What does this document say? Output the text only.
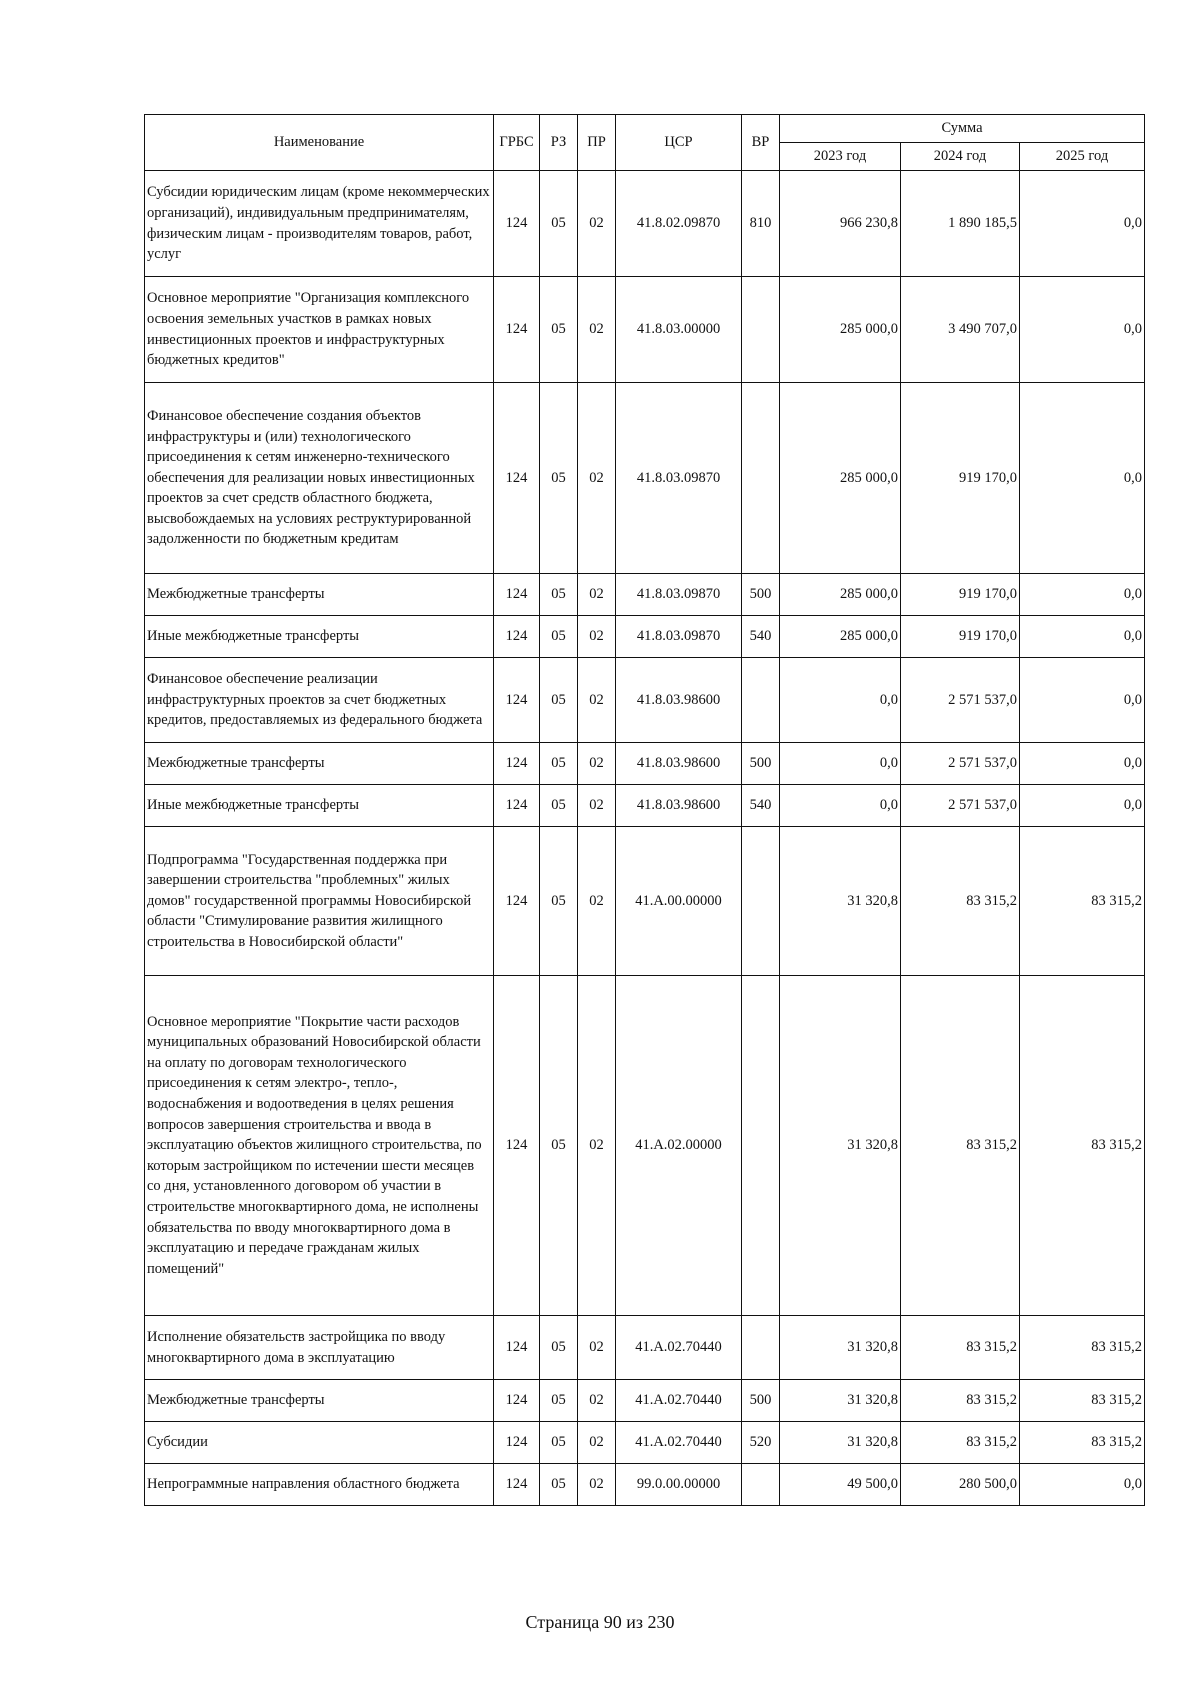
Наименование	ГРБС	РЗ	ПР	ЦСР	ВР	Сумма		
						2023 год	2024 год	2025 год
Субсидии юридическим лицам (кроме некоммерческих организаций), индивидуальным предпринимателям, физическим лицам - производителям товаров, работ, услуг	124	05	02	41.8.02.09870	810	966 230,8	1 890 185,5	0,0
Основное мероприятие "Организация комплексного освоения земельных участков в рамках новых инвестиционных проектов и инфраструктурных бюджетных кредитов"	124	05	02	41.8.03.00000		285 000,0	3 490 707,0	0,0
Финансовое обеспечение создания объектов инфраструктуры и (или) технологического присоединения к сетям инженерно-технического обеспечения для реализации новых инвестиционных проектов за счет средств областного бюджета, высвобождаемых на условиях реструктурированной задолженности по бюджетным кредитам	124	05	02	41.8.03.09870		285 000,0	919 170,0	0,0
Межбюджетные трансферты	124	05	02	41.8.03.09870	500	285 000,0	919 170,0	0,0
Иные межбюджетные трансферты	124	05	02	41.8.03.09870	540	285 000,0	919 170,0	0,0
Финансовое обеспечение реализации инфраструктурных проектов за счет бюджетных кредитов, предоставляемых из федерального бюджета	124	05	02	41.8.03.98600		0,0	2 571 537,0	0,0
Межбюджетные трансферты	124	05	02	41.8.03.98600	500	0,0	2 571 537,0	0,0
Иные межбюджетные трансферты	124	05	02	41.8.03.98600	540	0,0	2 571 537,0	0,0
Подпрограмма "Государственная поддержка при завершении строительства "проблемных" жилых домов" государственной программы Новосибирской области "Стимулирование развития жилищного строительства в Новосибирской области"	124	05	02	41.А.00.00000		31 320,8	83 315,2	83 315,2
Основное мероприятие "Покрытие части расходов муниципальных образований Новосибирской области на оплату по договорам технологического присоединения к сетям электро-, тепло-, водоснабжения и водоотведения в целях решения вопросов завершения строительства и ввода в эксплуатацию объектов жилищного строительства, по которым застройщиком по истечении шести месяцев со дня, установленного договором об участии в строительстве многоквартирного дома, не исполнены обязательства по вводу многоквартирного дома в эксплуатацию и передаче гражданам жилых помещений"	124	05	02	41.А.02.00000		31 320,8	83 315,2	83 315,2
Исполнение обязательств застройщика по вводу многоквартирного дома в эксплуатацию	124	05	02	41.А.02.70440		31 320,8	83 315,2	83 315,2
Межбюджетные трансферты	124	05	02	41.А.02.70440	500	31 320,8	83 315,2	83 315,2
Субсидии	124	05	02	41.А.02.70440	520	31 320,8	83 315,2	83 315,2
Непрограммные направления областного бюджета	124	05	02	99.0.00.00000		49 500,0	280 500,0	0,0
Страница 90 из 230
